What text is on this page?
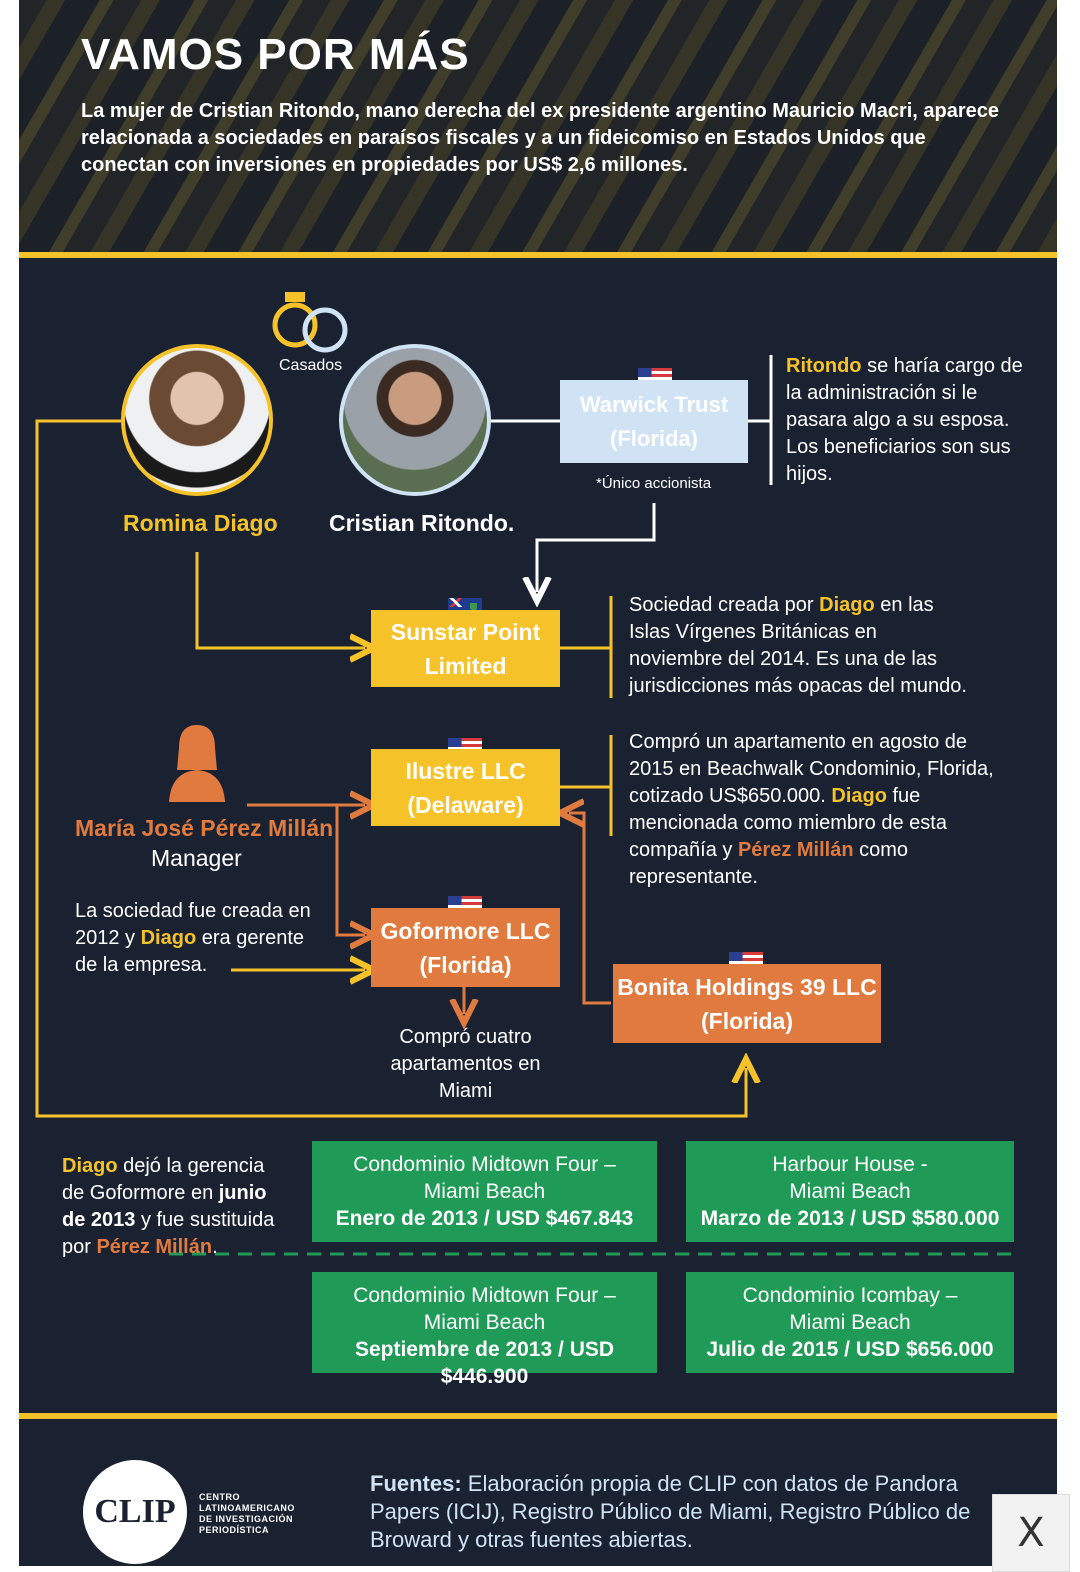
VAMOS POR MÁS

La mujer de Cristian Ritondo, mano derecha del ex presidente argentino Mauricio Macri, aparece relacionada a sociedades en paraísos fiscales y a un fideicomiso en Estados Unidos que conectan con inversiones en propiedades por US$ 2,6 millones.

Casados
Romina Diago Cristian Ritondo.
Warwick Trust
(Florida)
*Único accionista
Ritondo se haría cargo de la administración si le pasara algo a su esposa. Los beneficiarios son sus hijos.
Sunstar Point
Limited
Sociedad creada por Diago en las Islas Vírgenes Británicas en noviembre del 2014. Es una de las jurisdicciones más opacas del mundo.
Ilustre LLC
(Delaware)
Compró un apartamento en agosto de 2015 en Beachwalk Condominio, Florida, cotizado US$650.000. Diago fue mencionada como miembro de esta compañía y Pérez Millán como representante.
María José Pérez Millán
Manager
La sociedad fue creada en 2012 y Diago era gerente de la empresa.
Goformore LLC
(Florida)
Compró cuatro apartamentos en Miami
Bonita Holdings 39 LLC
(Florida)
Diago dejó la gerencia de Goformore en junio de 2013 y fue sustituida por Pérez Millán.
Condominio Midtown Four –
Miami Beach
Enero de 2013 / USD $467.843
Harbour House -
Miami Beach
Marzo de 2013 / USD $580.000
Condominio Midtown Four –
Miami Beach
Septiembre de 2013 / USD $446.900
Condominio Icombay –
Miami Beach
Julio de 2015 / USD $656.000
CLIP	CENTRO
LATINOAMERICANO
DE INVESTIGACIÓN
PERIODÍSTICA
Fuentes: Elaboración propia de CLIP con datos de Pandora Papers (ICIJ), Registro Público de Miami, Registro Público de Broward y otras fuentes abiertas.	X
